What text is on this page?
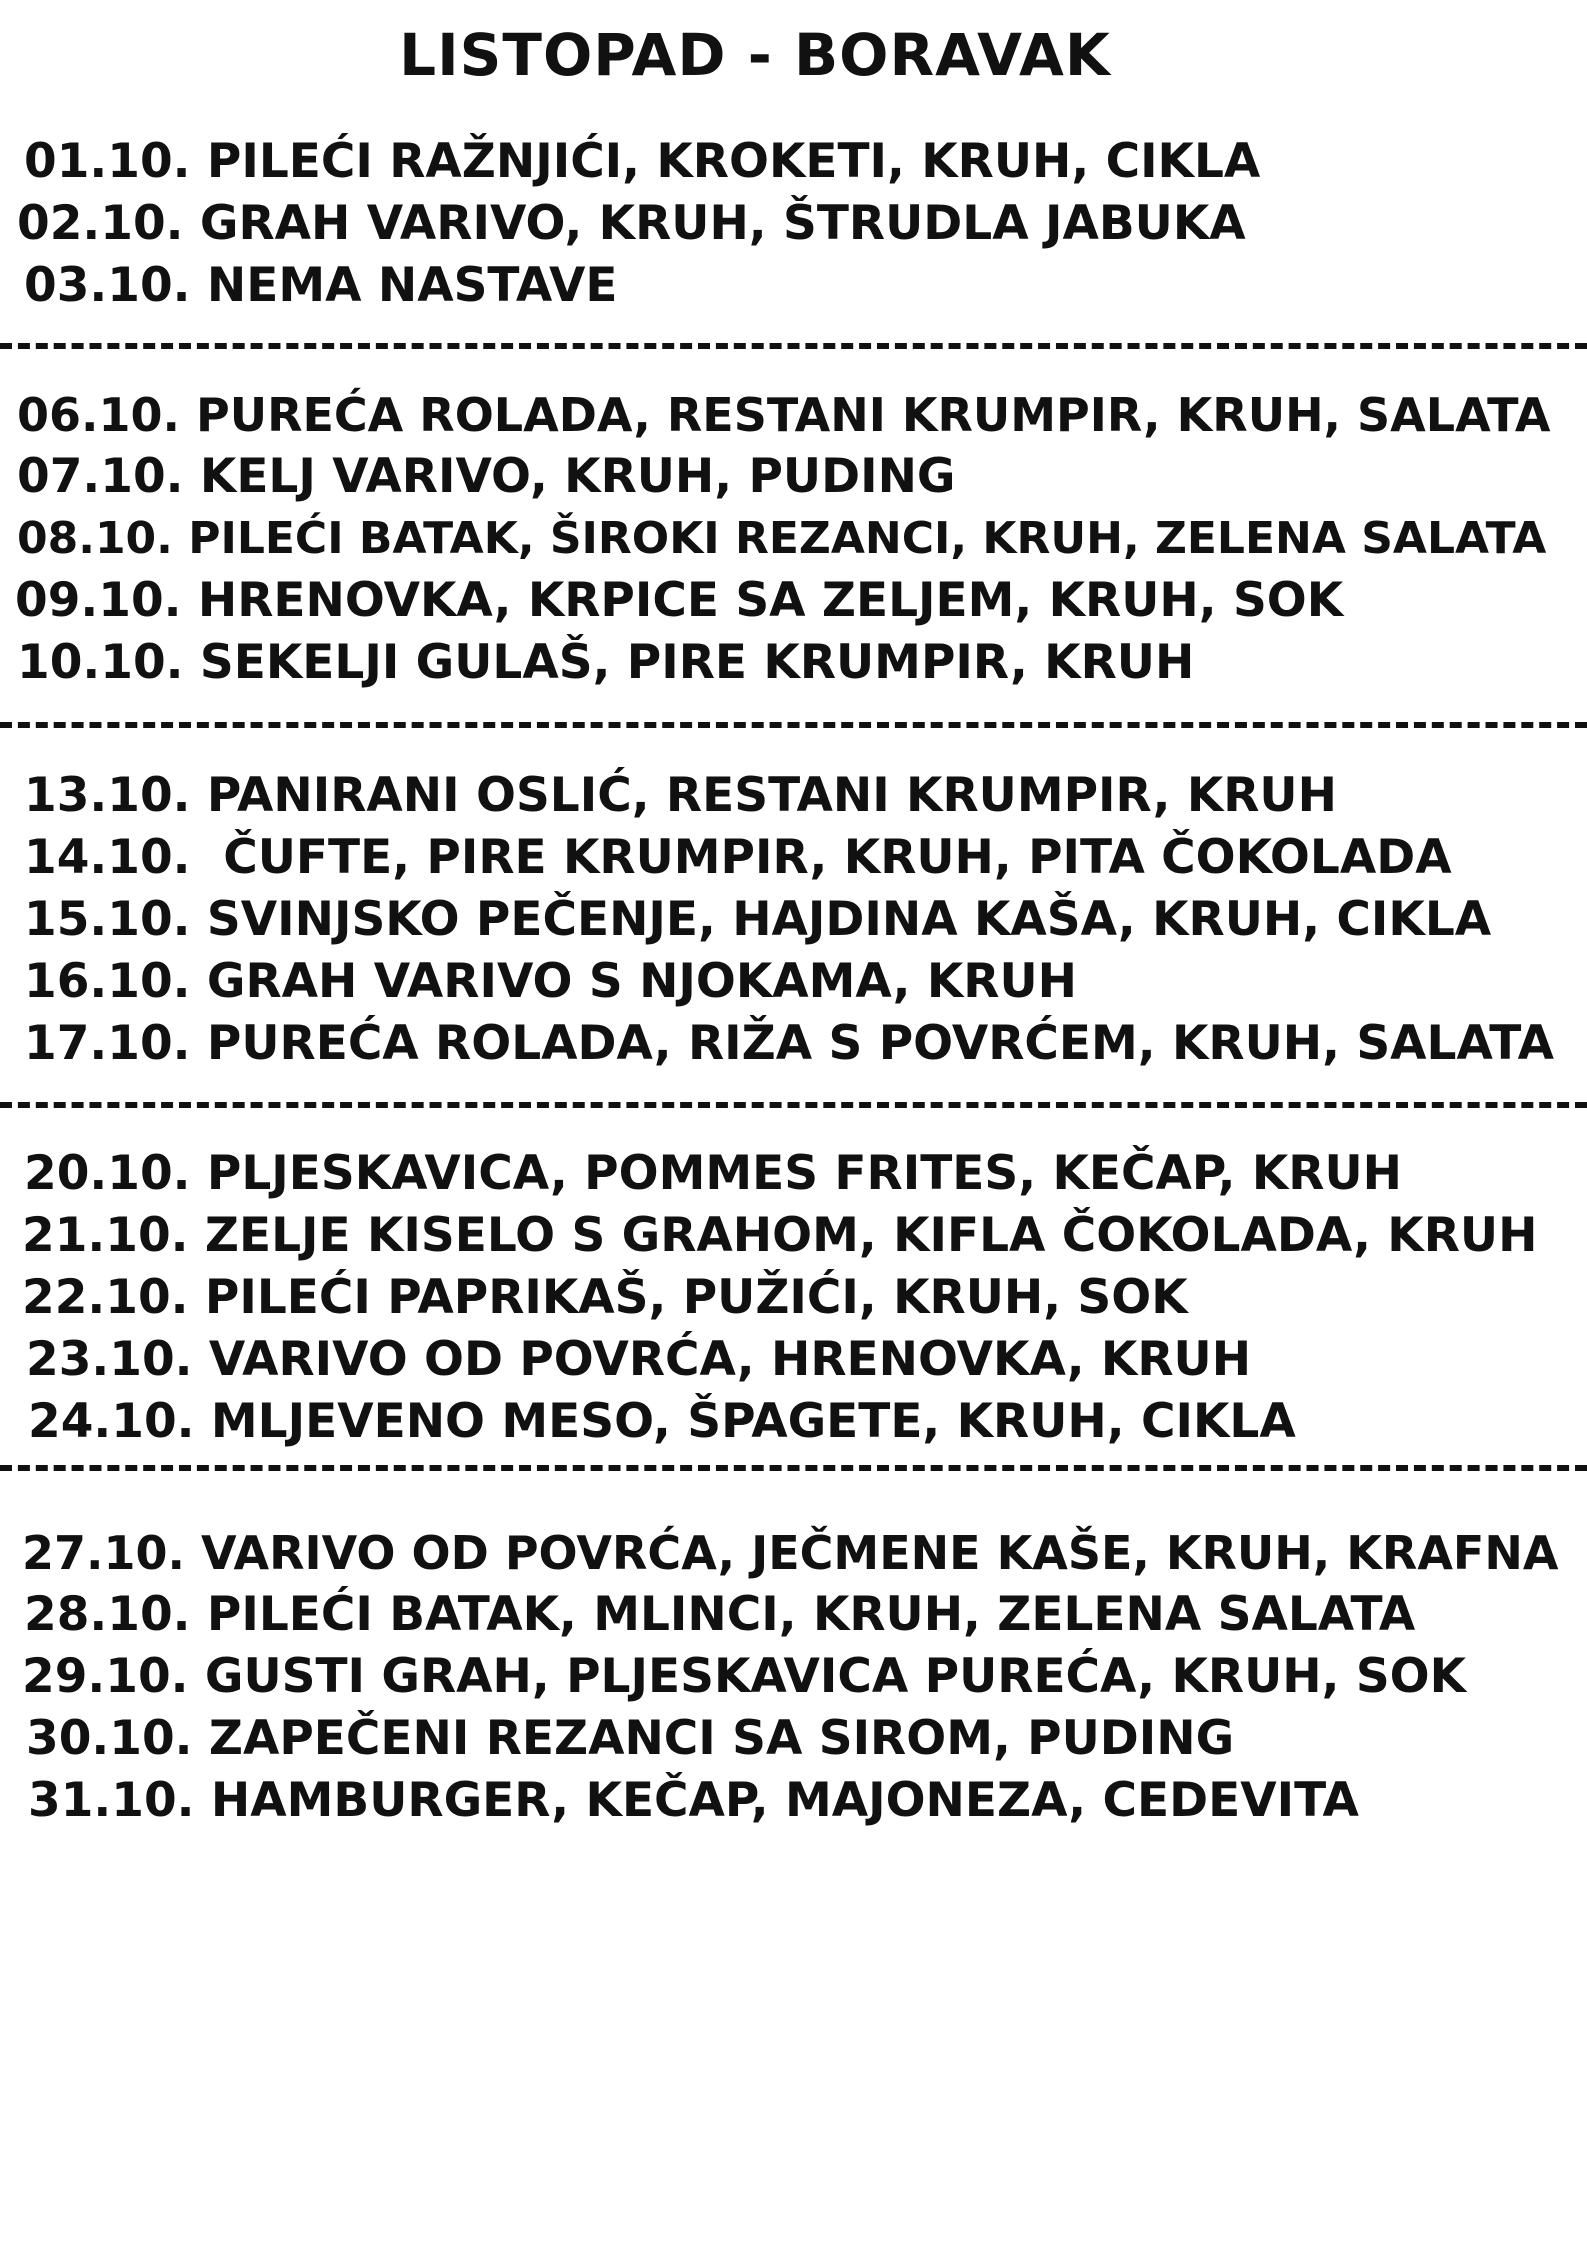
LISTOPAD - BORAVAK
01.10. PILEĆI RAŽNJIĆI, KROKETI, KRUH, CIKLA
02.10. GRAH VARIVO, KRUH, ŠTRUDLA JABUKA
03.10. NEMA NASTAVE
06.10. PUREĆA ROLADA, RESTANI KRUMPIR, KRUH, SALATA
07.10. KELJ VARIVO, KRUH, PUDING
08.10. PILEĆI BATAK, ŠIROKI REZANCI, KRUH, ZELENA SALATA
09.10. HRENOVKA, KRPICE SA ZELJEM, KRUH, SOK
10.10. SEKELJI GULAŠ, PIRE KRUMPIR, KRUH
13.10. PANIRANI OSLIĆ, RESTANI KRUMPIR, KRUH
14.10.  ČUFTE, PIRE KRUMPIR, KRUH, PITA ČOKOLADA
15.10. SVINJSKO PEČENJE, HAJDINA KAŠA, KRUH, CIKLA
16.10. GRAH VARIVO S NJOKAMA, KRUH
17.10. PUREĆA ROLADA, RIŽA S POVRĆEM, KRUH, SALATA
20.10. PLJESKAVICA, POMMES FRITES, KEČAP, KRUH
21.10. ZELJE KISELO S GRAHOM, KIFLA ČOKOLADA, KRUH
22.10. PILEĆI PAPRIKAŠ, PUŽIĆI, KRUH, SOK
23.10. VARIVO OD POVRĆA, HRENOVKA, KRUH
24.10. MLJEVENO MESO, ŠPAGETE, KRUH, CIKLA
27.10. VARIVO OD POVRĆA, JEČMENE KAŠE, KRUH, KRAFNA
28.10. PILEĆI BATAK, MLINCI, KRUH, ZELENA SALATA
29.10. GUSTI GRAH, PLJESKAVICA PUREĆA, KRUH, SOK
30.10. ZAPEČENI REZANCI SA SIROM, PUDING
31.10. HAMBURGER, KEČAP, MAJONEZA, CEDEVITA
